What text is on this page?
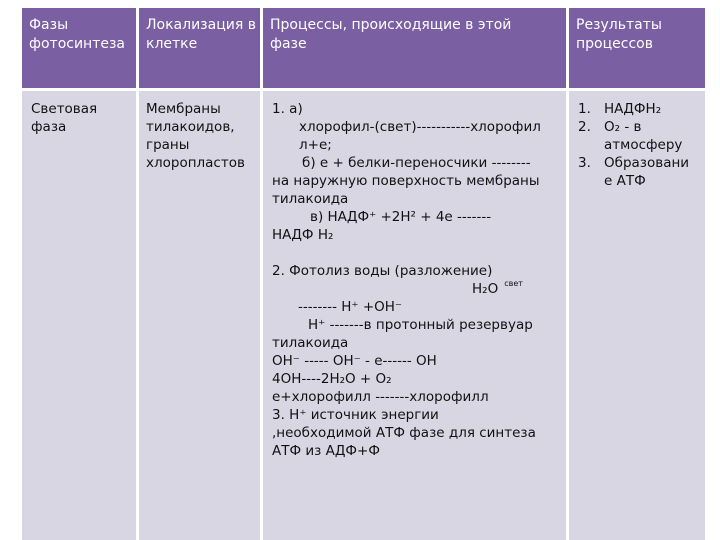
Фазы фотосинтеза
Локализация в клетке
Процессы, происходящие в этой фазе
Результаты процессов
Световая
фаза
Мембраны
тилакоидов,
граны
хлоропластов
1. а)
хлорофил-(свет)-----------хлорофил
л+е;
б) е + белки-переносчики --------
на наружную поверхность мембраны
тилакоида
в) НАДФ⁺ +2Н² + 4е -------
НАДФ Н₂
2. Фотолиз воды (разложение)
Н₂О $^{свет}$
-------- Н⁺ +ОН⁻
Н⁺ -------в протонный резервуар
тилакоида
ОН⁻ ----- ОН⁻ - е------ ОН
4ОН----2Н₂О + О₂
е+хлорофилл -------хлорофилл
3. Н⁺ источник энергии
,необходимой АТФ фазе для синтеза
АТФ из АДФ+Ф
1. НАДФН₂
2. О₂ - в
атмосферу
3. Образовани
е АТФ
